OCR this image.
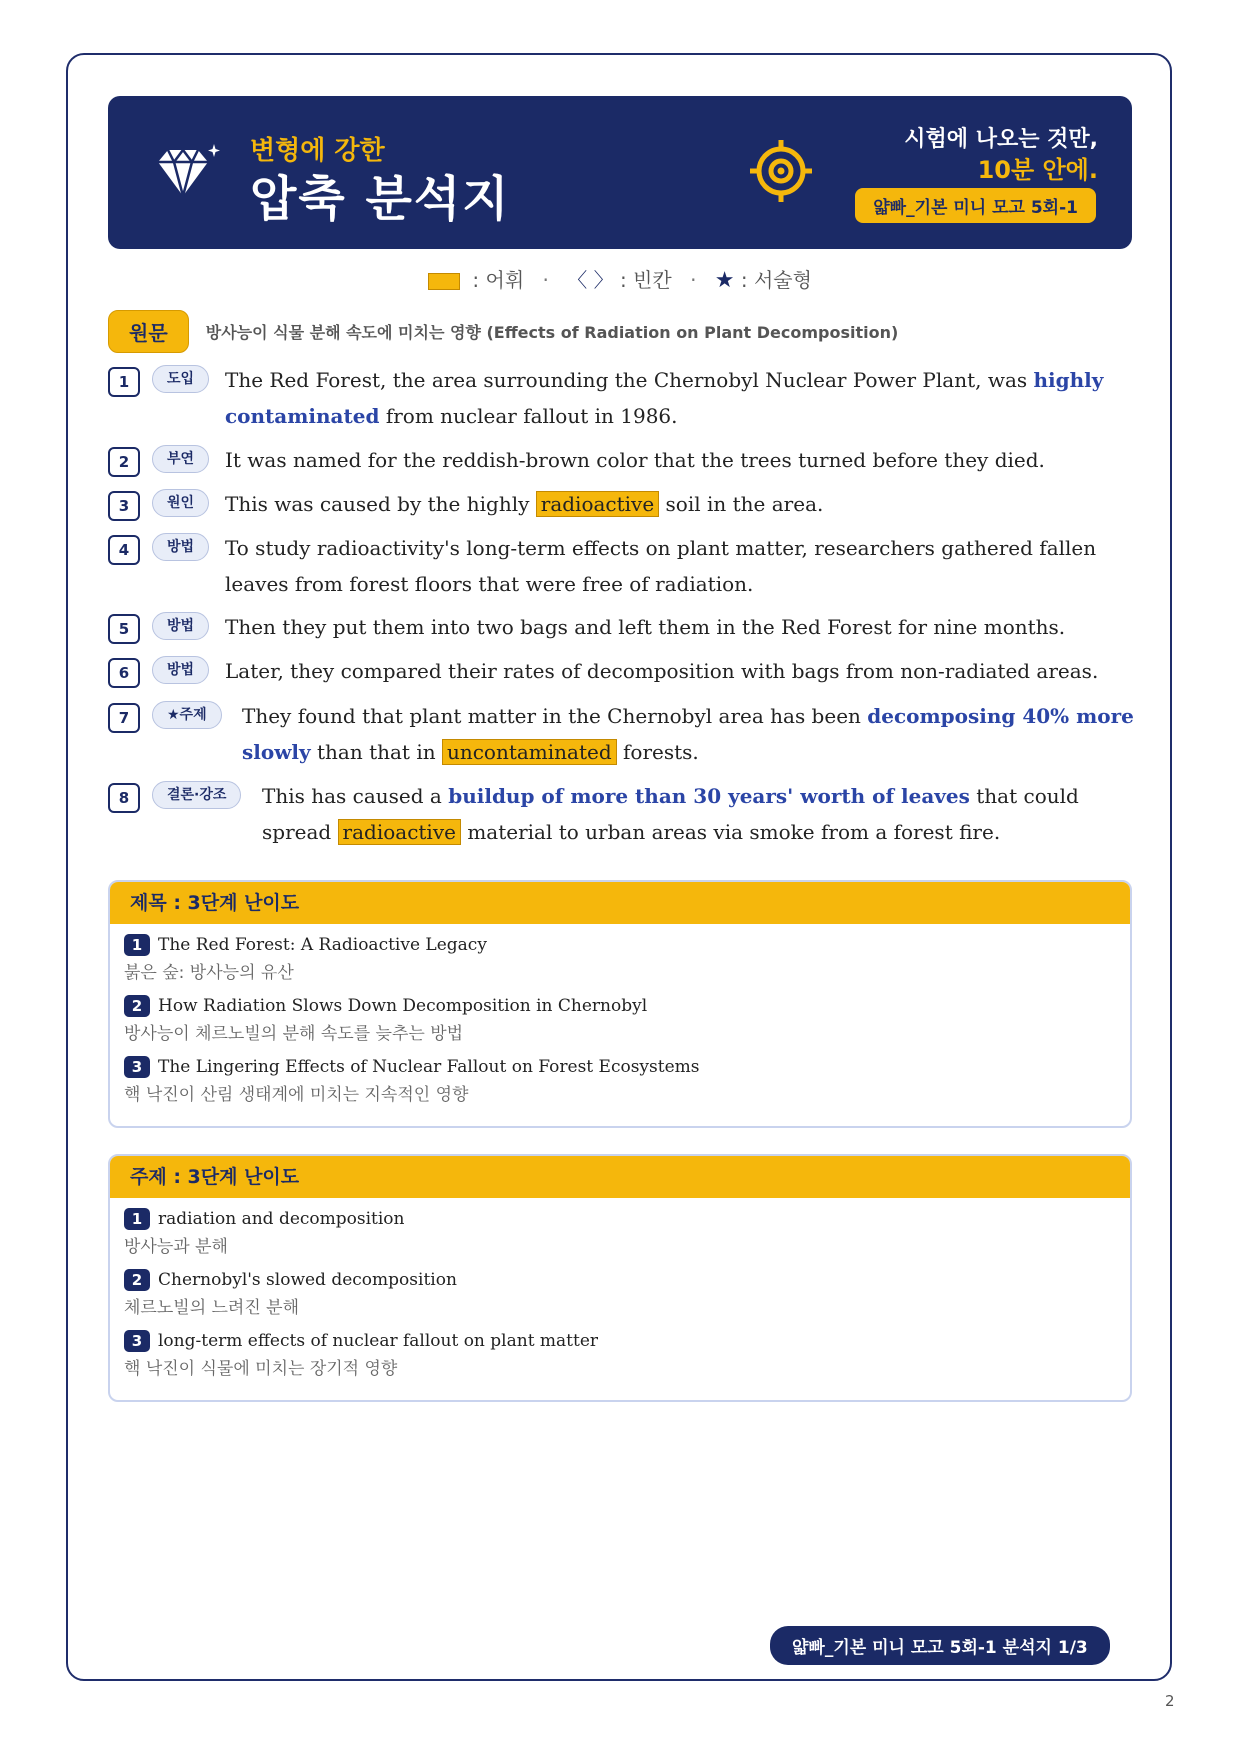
변형에 강한
압축 분석지
시험에 나오는 것만,
10분 안에.
얇빠_기본 미니 모고 5회-1
: 어휘 · 〈 〉 : 빈칸 · ★ : 서술형
원문 방사능이 식물 분해 속도에 미치는 영향 (Effects of Radiation on Plant Decomposition)
1	도입	The Red Forest, the area surrounding the Chernobyl Nuclear Power Plant, was highly contaminated from nuclear fallout in 1986.
2	부연	It was named for the reddish-brown color that the trees turned before they died.
3	원인	This was caused by the highly radioactive soil in the area.
4	방법	To study radioactivity's long-term effects on plant matter, researchers gathered fallen leaves from forest floors that were free of radiation.
5	방법	Then they put them into two bags and left them in the Red Forest for nine months.
6	방법	Later, they compared their rates of decomposition with bags from non-radiated areas.
7	★주제	They found that plant matter in the Chernobyl area has been decomposing 40% more slowly than that in uncontaminated forests.
8	결론·강조	This has caused a buildup of more than 30 years' worth of leaves that could spread radioactive material to urban areas via smoke from a forest fire.
제목 : 3단계 난이도
1 The Red Forest: A Radioactive Legacy
붉은 숲: 방사능의 유산
2 How Radiation Slows Down Decomposition in Chernobyl
방사능이 체르노빌의 분해 속도를 늦추는 방법
3 The Lingering Effects of Nuclear Fallout on Forest Ecosystems
핵 낙진이 산림 생태계에 미치는 지속적인 영향
주제 : 3단계 난이도
1 radiation and decomposition
방사능과 분해
2 Chernobyl's slowed decomposition
체르노빌의 느려진 분해
3 long-term effects of nuclear fallout on plant matter
핵 낙진이 식물에 미치는 장기적 영향
얇빠_기본 미니 모고 5회-1 분석지 1/3
2
